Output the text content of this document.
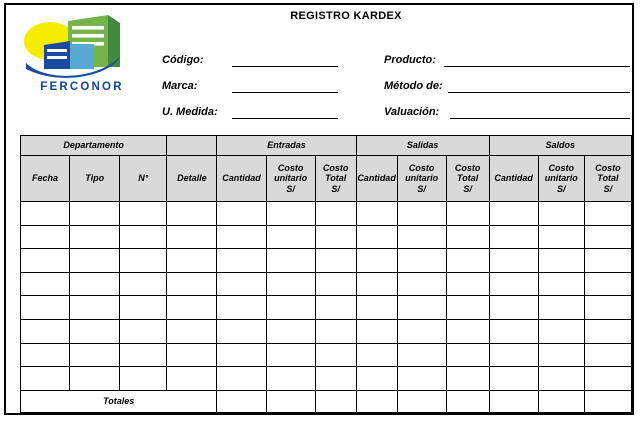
FERCONOR
REGISTRO KARDEX
Código:
Marca:
U. Medida:
Producto:
Método de:
Valuación:
Departamento				Entradas			Salidas			Saldos		
Fecha	Tipo	N°	Detalle	Cantidad	Costo
unitario
S/	Costo
Total
S/	Cantidad	Costo
unitario
S/	Costo
Total
S/	Cantidad	Costo
unitario
S/	Costo
Total
S/

Totales												
